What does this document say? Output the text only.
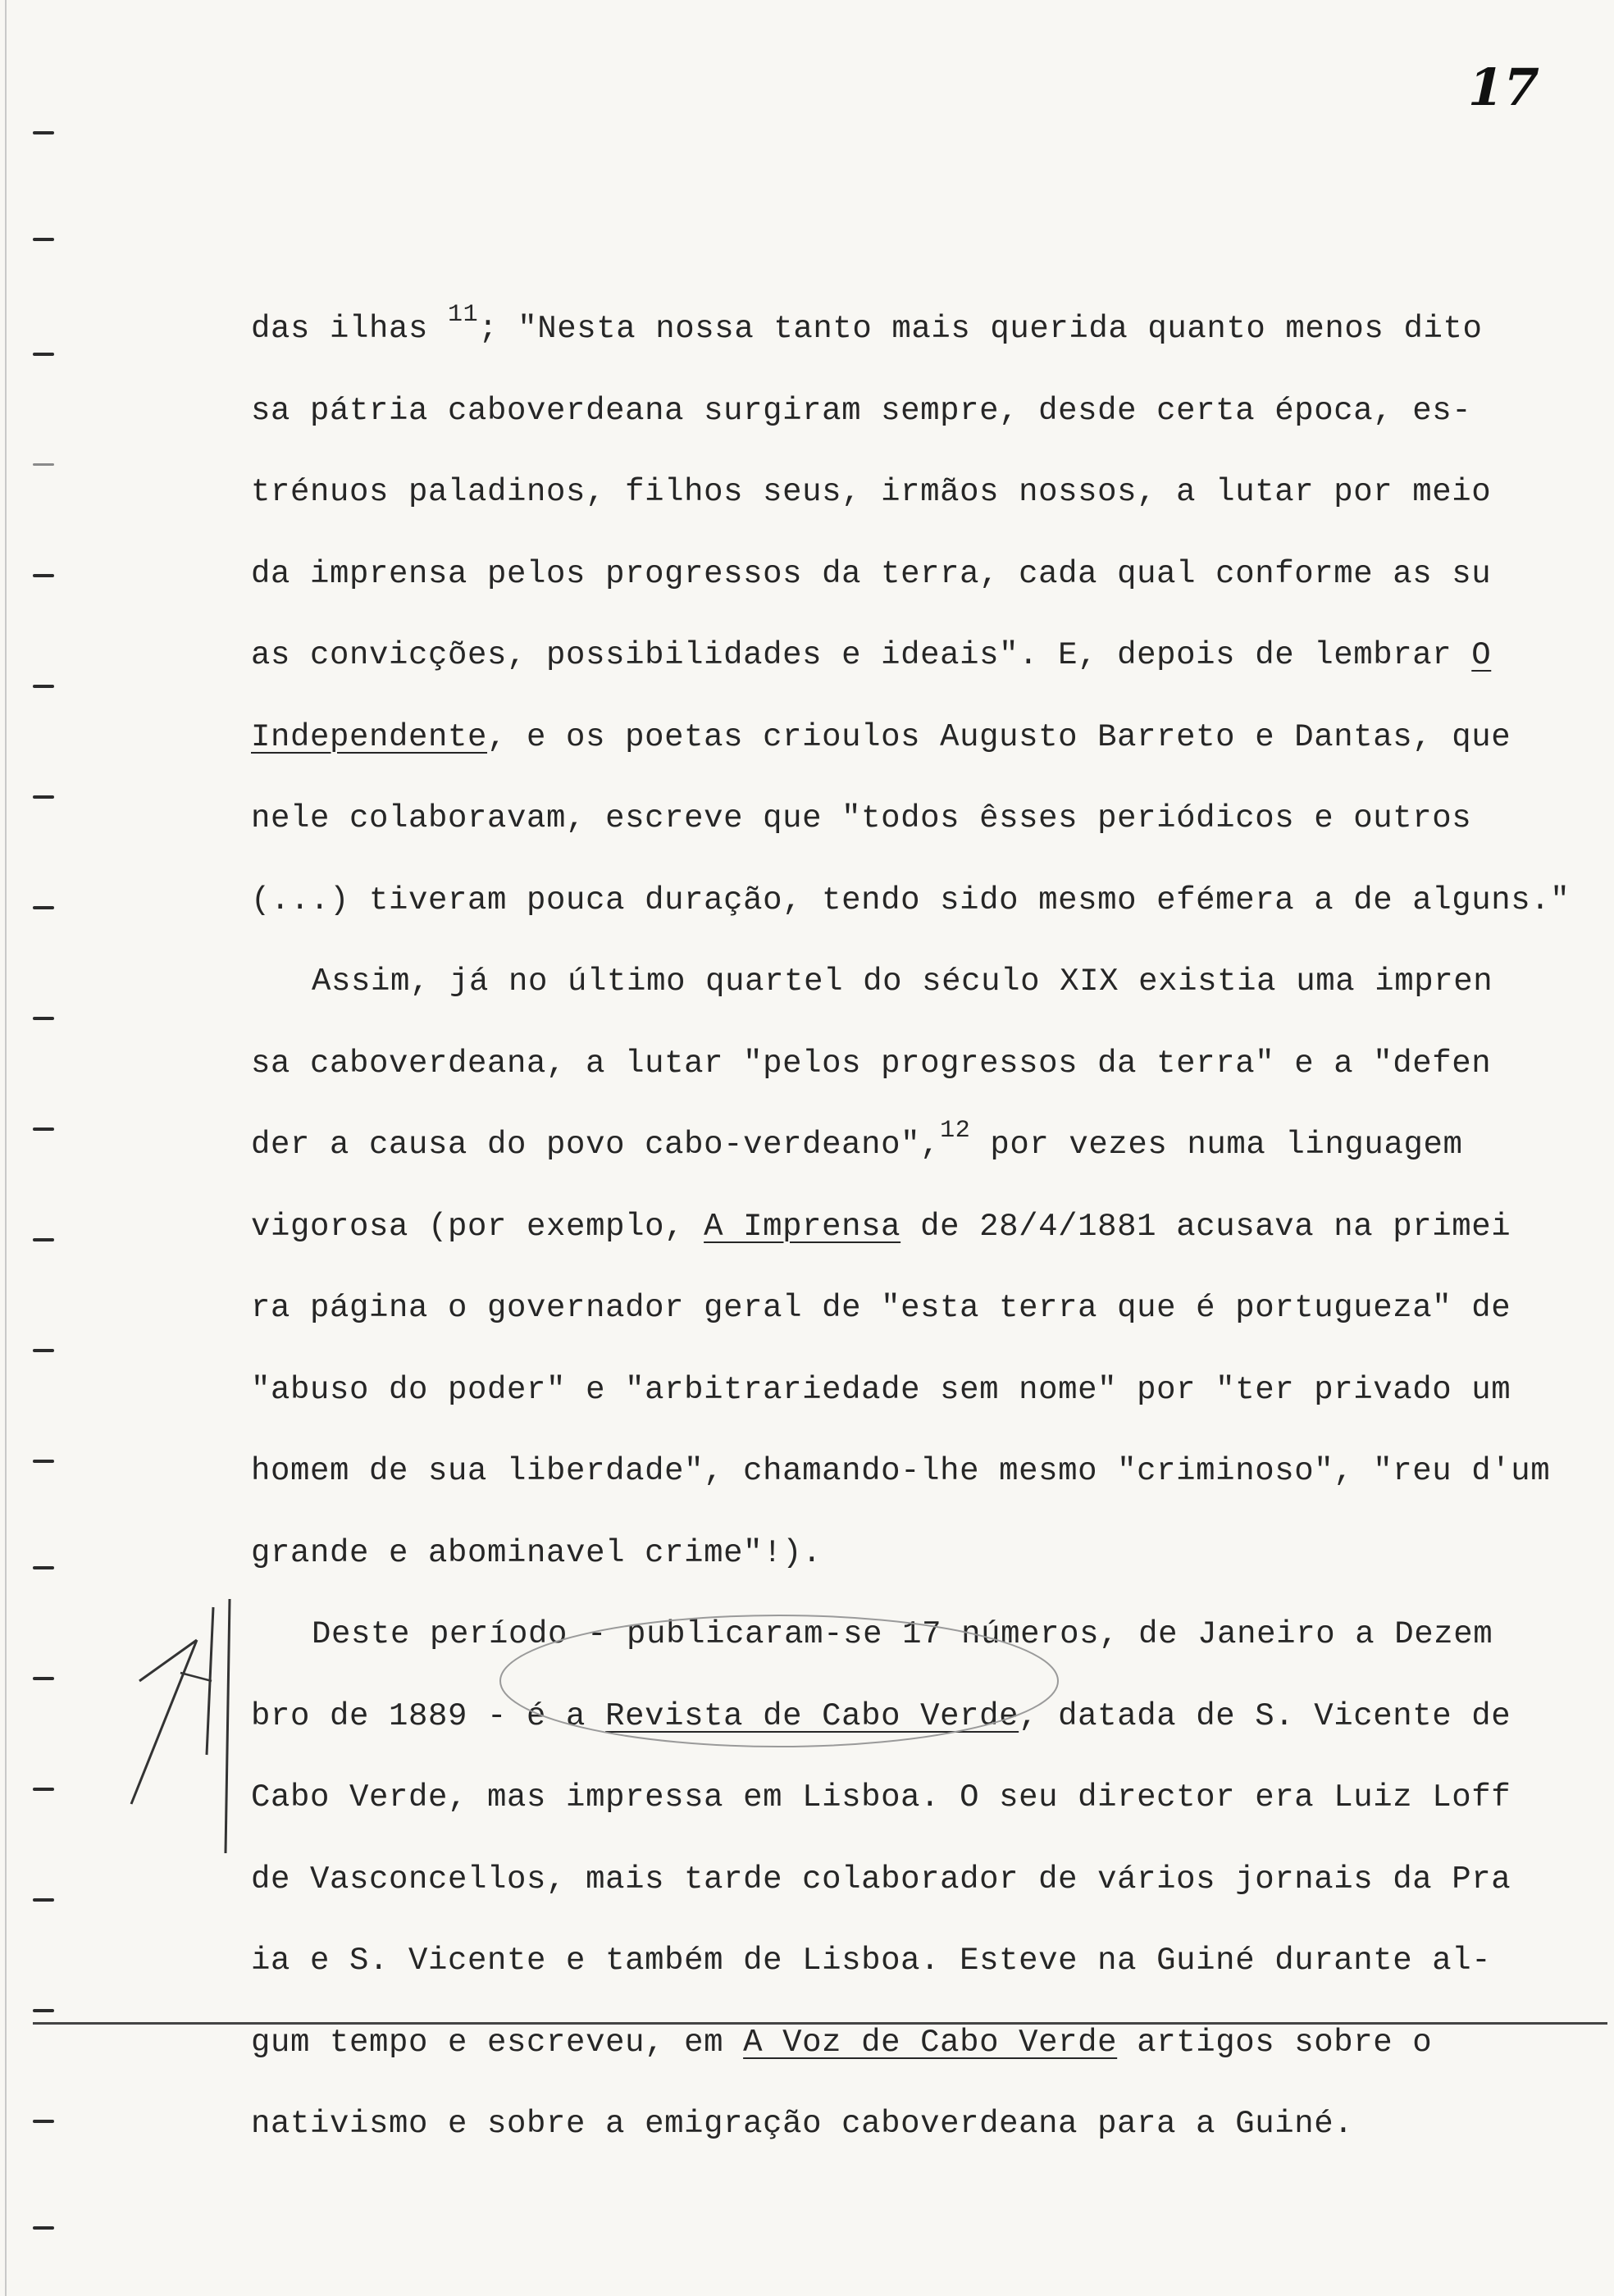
17
das ilhas $^{11}$; "Nesta nossa tanto mais querida quanto menos dito
sa pátria caboverdeana surgiram sempre, desde certa época, es-
trénuos paladinos, filhos seus, irmãos nossos, a lutar por meio
da imprensa pelos progressos da terra, cada qual conforme as su
as convicções, possibilidades e ideais". E, depois de lembrar O
Independente, e os poetas crioulos Augusto Barreto e Dantas, que
nele colaboravam, escreve que "todos êsses periódicos e outros
(...) tiveram pouca duração, tendo sido mesmo efémera a de alguns."
Assim, já no último quartel do século XIX existia uma impren
sa caboverdeana, a lutar "pelos progressos da terra" e a "defen
der a causa do povo cabo-verdeano",$^{12}$ por vezes numa linguagem
vigorosa (por exemplo, A Imprensa de 28/4/1881 acusava na primei
ra página o governador geral de "esta terra que é portugueza" de
"abuso do poder" e "arbitrariedade sem nome" por "ter privado um
homem de sua liberdade", chamando-lhe mesmo "criminoso", "reu d'um
grande e abominavel crime"!).
Deste período - publicaram-se 17 números, de Janeiro a Dezem
bro de 1889 - é a Revista de Cabo Verde, datada de S. Vicente de
Cabo Verde, mas impressa em Lisboa. O seu director era Luiz Loff
de Vasconcellos, mais tarde colaborador de vários jornais da Pra
ia e S. Vicente e também de Lisboa. Esteve na Guiné durante al-
gum tempo e escreveu, em A Voz de Cabo Verde artigos sobre o
nativismo e sobre a emigração caboverdeana para a Guiné.
